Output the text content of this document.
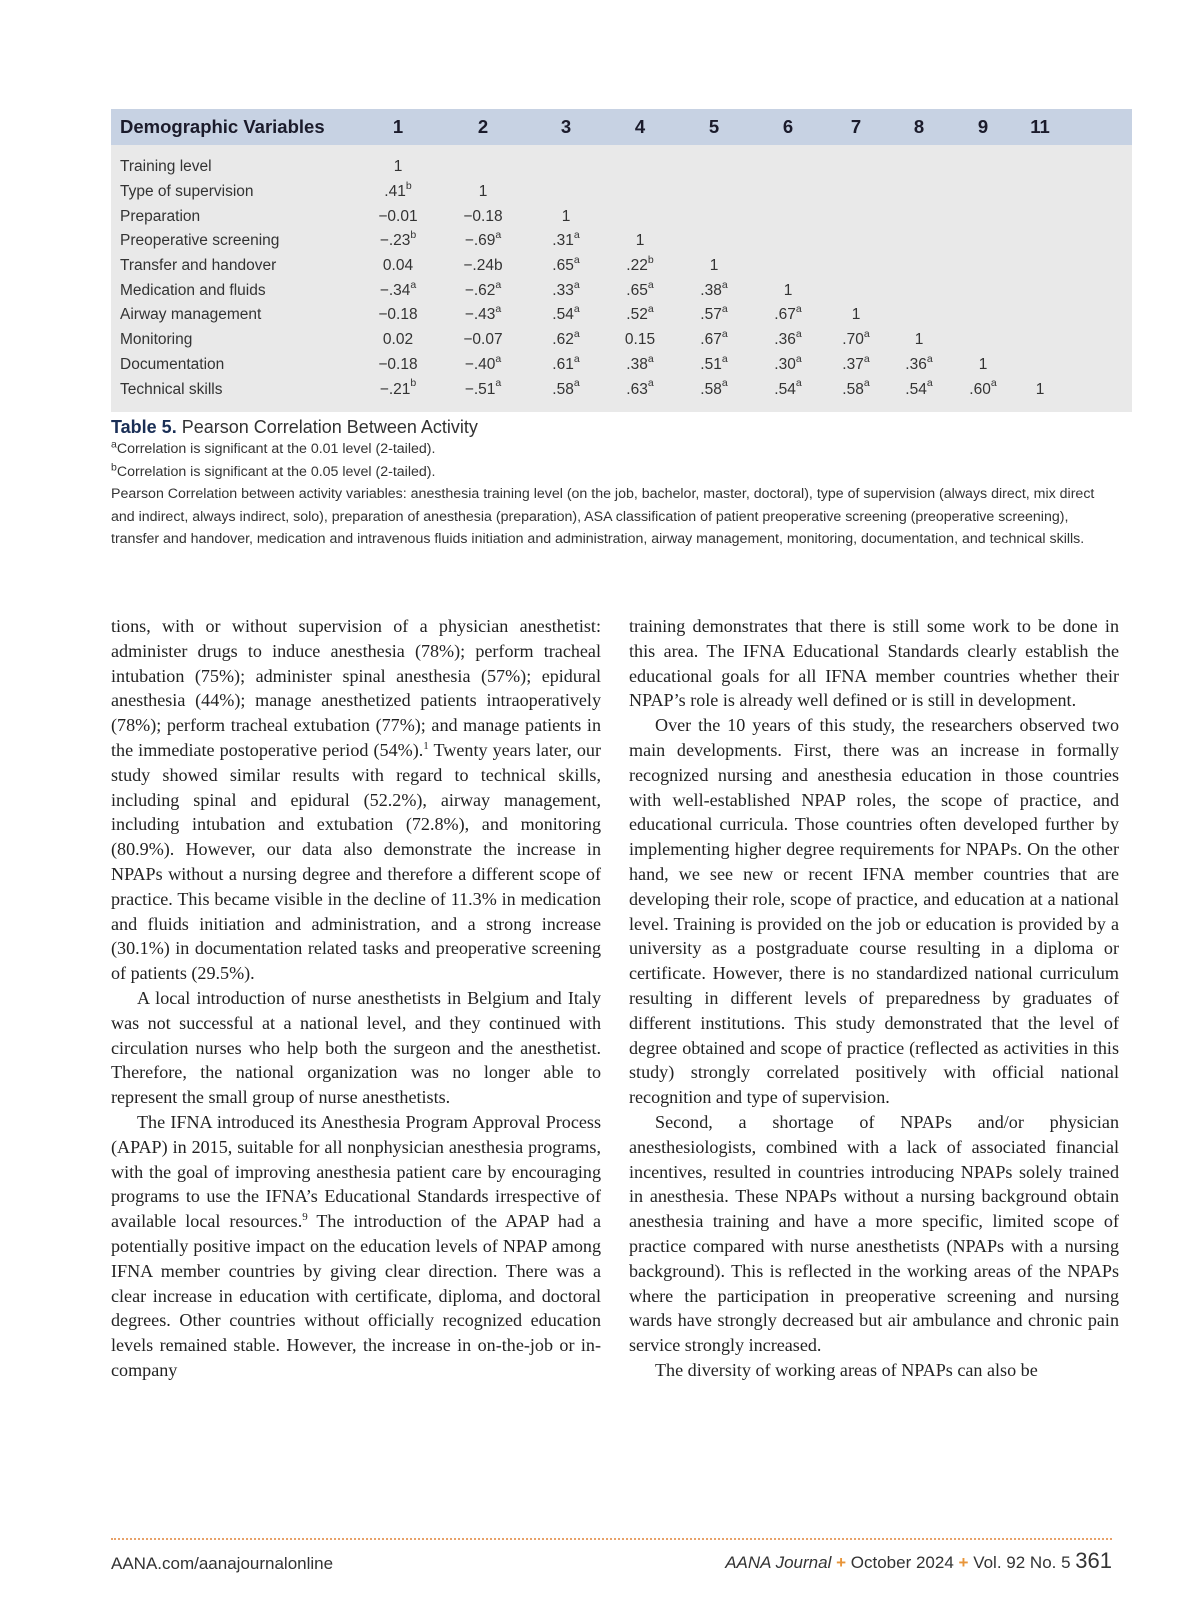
Demographic Variables	1	2	3	4	5	6	7	8	9	11	

Training level	1										
Type of supervision	.41$^b$	1									
Preparation	−0.01	−0.18	1								
Preoperative screening	−.23$^b$	−.69$^a$	.31$^a$	1							
Transfer and handover	0.04	−.24b	.65$^a$	.22$^b$	1						
Medication and fluids	−.34$^a$	−.62$^a$	.33$^a$	.65$^a$	.38$^a$	1					
Airway management	−0.18	−.43$^a$	.54$^a$	.52$^a$	.57$^a$	.67$^a$	1				
Monitoring	0.02	−0.07	.62$^a$	0.15	.67$^a$	.36$^a$	.70$^a$	1			
Documentation	−0.18	−.40$^a$	.61$^a$	.38$^a$	.51$^a$	.30$^a$	.37$^a$	.36$^a$	1		
Technical skills	−.21$^b$	−.51$^a$	.58$^a$	.63$^a$	.58$^a$	.54$^a$	.58$^a$	.54$^a$	.60$^a$	1	

Table 5. Pearson Correlation Between Activity
$^a$Correlation is significant at the 0.01 level (2-tailed).
$^b$Correlation is significant at the 0.05 level (2-tailed).
Pearson Correlation between activity variables: anesthesia training level (on the job, bachelor, master, doctoral), type of supervision (always direct, mix direct and indirect, always indirect, solo), preparation of anesthesia (preparation), ASA classification of patient preoperative screening (preoperative screening), transfer and handover, medication and intravenous fluids initiation and administration, airway management, monitoring, documentation, and technical skills.

tions, with or without supervision of a physician anesthetist: administer drugs to induce anesthesia (78%); perform tracheal intubation (75%); administer spinal anesthesia (57%); epidural anesthesia (44%); manage anesthetized patients intraoperatively (78%); perform tracheal extubation (77%); and manage patients in the immediate postoperative period (54%).$^1$ Twenty years later, our study showed similar results with regard to technical skills, including spinal and epidural (52.2%), airway management, including intubation and extubation (72.8%), and monitoring (80.9%). However, our data also demonstrate the increase in NPAPs without a nursing degree and therefore a different scope of practice. This became visible in the decline of 11.3% in medication and fluids initiation and administration, and a strong increase (30.1%) in documentation related tasks and preoperative screening of patients (29.5%).

A local introduction of nurse anesthetists in Belgium and Italy was not successful at a national level, and they continued with circulation nurses who help both the surgeon and the anesthetist. Therefore, the national organization was no longer able to represent the small group of nurse anesthetists.

The IFNA introduced its Anesthesia Program Approval Process (APAP) in 2015, suitable for all nonphysician anesthesia programs, with the goal of improving anesthesia patient care by encouraging programs to use the IFNA’s Educational Standards irrespective of available local resources.$^9$ The introduction of the APAP had a potentially positive impact on the education levels of NPAP among IFNA member countries by giving clear direction. There was a clear increase in education with certificate, diploma, and doctoral degrees. Other countries without officially recognized education levels remained stable. However, the increase in on-the-job or in-company

training demonstrates that there is still some work to be done in this area. The IFNA Educational Standards clearly establish the educational goals for all IFNA member countries whether their NPAP’s role is already well defined or is still in development.

Over the 10 years of this study, the researchers observed two main developments. First, there was an increase in formally recognized nursing and anesthesia education in those countries with well-established NPAP roles, the scope of practice, and educational curricula. Those countries often developed further by implementing higher degree requirements for NPAPs. On the other hand, we see new or recent IFNA member countries that are developing their role, scope of practice, and education at a national level. Training is provided on the job or education is provided by a university as a postgraduate course resulting in a diploma or certificate. However, there is no standardized national curriculum resulting in different levels of preparedness by graduates of different institutions. This study demonstrated that the level of degree obtained and scope of practice (reflected as activities in this study) strongly correlated positively with official national recognition and type of supervision.

Second, a shortage of NPAPs and/or physician anesthesiologists, combined with a lack of associated financial incentives, resulted in countries introducing NPAPs solely trained in anesthesia. These NPAPs without a nursing background obtain anesthesia training and have a more specific, limited scope of practice compared with nurse anesthetists (NPAPs with a nursing background). This is reflected in the working areas of the NPAPs where the participation in preoperative screening and nursing wards have strongly decreased but air ambulance and chronic pain service strongly increased.

The diversity of working areas of NPAPs can also be

AANA.com/aanajournalonline	AANA Journal + October 2024 + Vol. 92 No. 5 361
